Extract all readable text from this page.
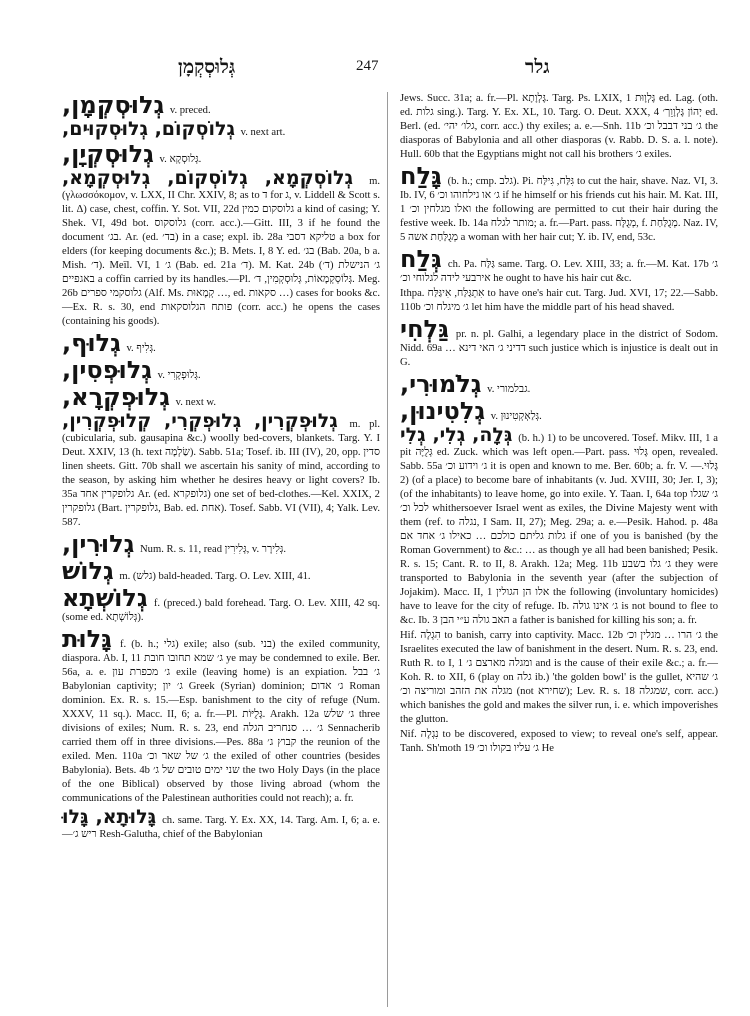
גְּלוּסְקְמָן	247	גלר
גְלוּסְקְמָן, v. preced.
גְלוֹסְקוֹם, גְלוּסְקוּים, v. next art.
גְלוּסְקְיָן, v. גְּלוּסְקָא.
גְלוֹסְקְמָא, גְלוֹסְקוֹם, גְלוּסְקְמָא, m. (γλωσσόκομον, v. LXX, II Chr. XXIV, 8; as to ד for ג, v. Liddell & Scott s. lit. Δ) case, chest, coffin. Y. Sot. VII, 22d גלוסקום כמין a kind of casing; Y. Shek. VI, 49d bot. גלוסקוס (corr. acc.).—Gitt. III, 3 if he found the document בג׳. Ar. (ed. בד׳) in a case; expl. ib. 28a טליקא דסבי a box for elders (for keeping documents &c.); B. Mets. I, 8 Y. ed. בג׳ (Bab. 20a, b a. Mish. ד׳). Meïl. VI, 1 ג׳ (Bab. ed. 21a ד׳). M. Kat. 24b (ד׳) ג׳ הנישלת באגפיים a coffin carried by its handles.—Pl. גְּלוֹסְקְמָאוֹת, גְּלוּסְקְמִין, ד׳. Meg. 26b גלוסקמי ספרים (Alf. Ms. קְמָאוּת …, ed. סקאות …) cases for books &c.—Ex. R. s. 30, end פותח הגלוסקאות (corr. acc.) he opens the cases (containing his goods).
גְלוּף, v. גְּלִיף.
גְלוּפְסִין, v. גְּלוּפְקָרִי.
גְלוּפְקְרָא, v. next w.
גְלוּפְקְרִין, גְלוּפְקְרִי, קְלוּפְקְרִין, m. pl. (cubicularia, sub. gausapina &c.) woolly bed-covers, blankets. Targ. Y. I Deut. XXIV, 13 (h. text שַׂלְמָה). Sabb. 51a; Tosef. ib. III (IV), 20, opp. סדין linen sheets. Gitt. 70b shall we ascertain his sanity of mind, according to the season, by asking him whether he desires heavy or light covers? Ib. 35a גלופקרין אחד Ar. (ed. גלופקרא) one set of bed-clothes.—Kel. XXIX, 2 גלופקרין (Bart. גלופקרין, Bab. ed. אחת). Tosef. Sabb. VI (VII), 4; Yalk. Lev. 587.
גְלוּרִין, Num. R. s. 11, read גְּלִירִין, v. גְּלִירָר.
גְלוֹשׁ m. (גלש) bald-headed. Targ. O. Lev. XIII, 41.
גְלוֹשְׁתָא f. (preced.) bald forehead. Targ. O. Lev. XIII, 42 sq. (some ed. גְּלוֹשְׁתָא).
גָּלוּת f. (b. h.; גלי) exile; also (sub. בני) the exiled community, diaspora. Ab. I, 11 ג׳ שמא תחובו חובת ye may be condemned to exile. Ber. 56a, a. e. ג׳ מכפרת עון exile (leaving home) is an expiation. ג׳ בבל Babylonian captivity; ג׳ יון Greek (Syrian) dominion; ג׳ אדום Roman dominion. Ex. R. s. 15.—Esp. banishment to the city of refuge (Num. XXXV, 11 sq.). Macc. II, 6; a. fr.—Pl. גָּלֻיּוֹת. Arakh. 12a ג׳ שלש three divisions of exiles; Num. R. s. 23, end ג׳ … סנחריב הגלה Sennacherib carried them off in three divisions.—Pes. 88a קבוץ ג׳ the reunion of the exiled. Men. 110a ג׳ של שאר וכ׳ the exiled of other countries (besides Babylonia). Bets. 4b שני ימים טובים של ג׳ the two Holy Days (in the place of the one Biblical) observed by those living abroad (whom the communications of the Palestinean authorities could not reach); a. fr.
גָּלוּתָא, גָּלוּ ch. same. Targ. Y. Ex. XX, 14. Targ. Am. I, 6; a. e.—ריש ג׳ Resh-Galutha, chief of the Babylonian
Jews. Succ. 31a; a. fr.—Pl. גָּלְוָתָא. Targ. Ps. LXIX, 1 גָּלְוָוּת ed. Lag. (oth. ed. גלות sing.). Targ. Y. Ex. XL, 10. Targ. O. Deut. XXX, 4 יְהוֹן גָּלְוָוֵך׳ ed. Berl. (ed. גלו׳ יהי׳, corr. acc.) thy exiles; a. e.—Snh. 11b ג׳ בני דבבל וכ׳ the diasporas of Babylonia and all other diasporas (v. Rabb. D. S. a. l. note). Hull. 60b that the Egyptians might not call his brothers ג׳ exiles.
גָּלַח (b. h.; cmp. גלב). Pi. גִּלַּח, גִּילַּח to cut the hair, shave. Naz. VI, 3. Ib. IV, 6 ג׳ או גילחוהו וכ׳ if he himself or his friends cut his hair. M. Kat. III, 1 ואלו מגלחין וכ׳ the following are permitted to cut their hair during the festive week. Ib. 14a מותר לגלח; a. fr.—Part. pass. מְגֻלָּח, f. מְגֻלַּחַת. Naz. IV, 5 מְגֻלַּחַת אשה a woman with her hair cut; Y. ib. IV, end, 53c.
גְּלַח ch. Pa. גַּלַּח same. Targ. O. Lev. XIII, 33; a. fr.—M. Kat. 17b ג׳ אירבעי לידה לגלוחי וכ׳ he ought to have his hair cut &c.
Ithpa. אִתְגַּלַּח, אִיגַּלַּח to have one's hair cut. Targ. Jud. XVI, 17; 22.—Sabb. 110b ג׳ מיגלח וכ׳ let him have the middle part of his head shaved.
גַּלְחִי pr. n. pl. Galhi, a legendary place in the district of Sodom. Nidd. 69a … דדיני ג׳ האי דינא such justice which is injustice is dealt out in G.
גְלֹמוּרִי, v. גבלמורי.
גְלִטִינוּן, v. גְּלַאְקְטִינוּן.
גְּלָה, גְלִי, גְלִי (b. h.) 1) to be uncovered. Tosef. Mikv. III, 1 a pit גְּלֻיָּה ed. Zuck. which was left open.—Part. pass. גָּלוּי open, revealed. Sabb. 55a ג׳ וידוע וכ׳ it is open and known to me. Ber. 60b; a. fr. V. גָּלוּי.—2) (of a place) to become bare of inhabitants (v. Jud. XVIII, 30; Jer. I, 3); (of the inhabitants) to leave home, go into exile. Y. Taan. I, 64a top ג׳ שגלו לכל וכ׳ whithersoever Israel went as exiles, the Divine Majesty went with them (ref. to נגלה, I Sam. II, 27); Meg. 29a; a. e.—Pesik. Hahod. p. 48a גלות גליתם כולכם … כאילו ג׳ אחד אם if one of you is banished (by the Roman Government) to &c.: … as though ye all had been banished; Pesik. R. s. 15; Cant. R. to II, 8. Arakh. 12a; Meg. 11b ג׳ גלו בשבע they were transported to Babylonia in the seventh year (after the subjection of Jojakim). Macc. II, 1 אלו הן הגולין the following (involuntary homicides) have to leave for the city of refuge. Ib. ג׳ אינו גולה is not bound to flee to &c. Ib. 3 האב גולה ע״י הבן a father is banished for killing his son; a. fr.
Hif. הִגְלָה to banish, carry into captivity. Macc. 12b ג׳ הרו … מגלין וכ׳ the Israelites executed the law of banishment in the desert. Num. R. s. 23, end. Ruth R. to I, 1 ומגלה מארצם ג׳ and is the cause of their exile &c.; a. fr.—Koh. R. to XII, 6 (play on גלה ib.) 'the golden bowl' is the gullet, ג׳ שהיא מגלה את הזהב ומוריצה וכ׳ (not שחירא); Lev. R. s. 18 שמגלה, corr. acc.) which banishes the gold and makes the silver run, i. e. which impoverishes the glutton.
Nif. נִגְלָה to be discovered, exposed to view; to reveal one's self, appear. Tanh. Sh'moth 19 ג׳ עליו בקולו וכ׳ He
